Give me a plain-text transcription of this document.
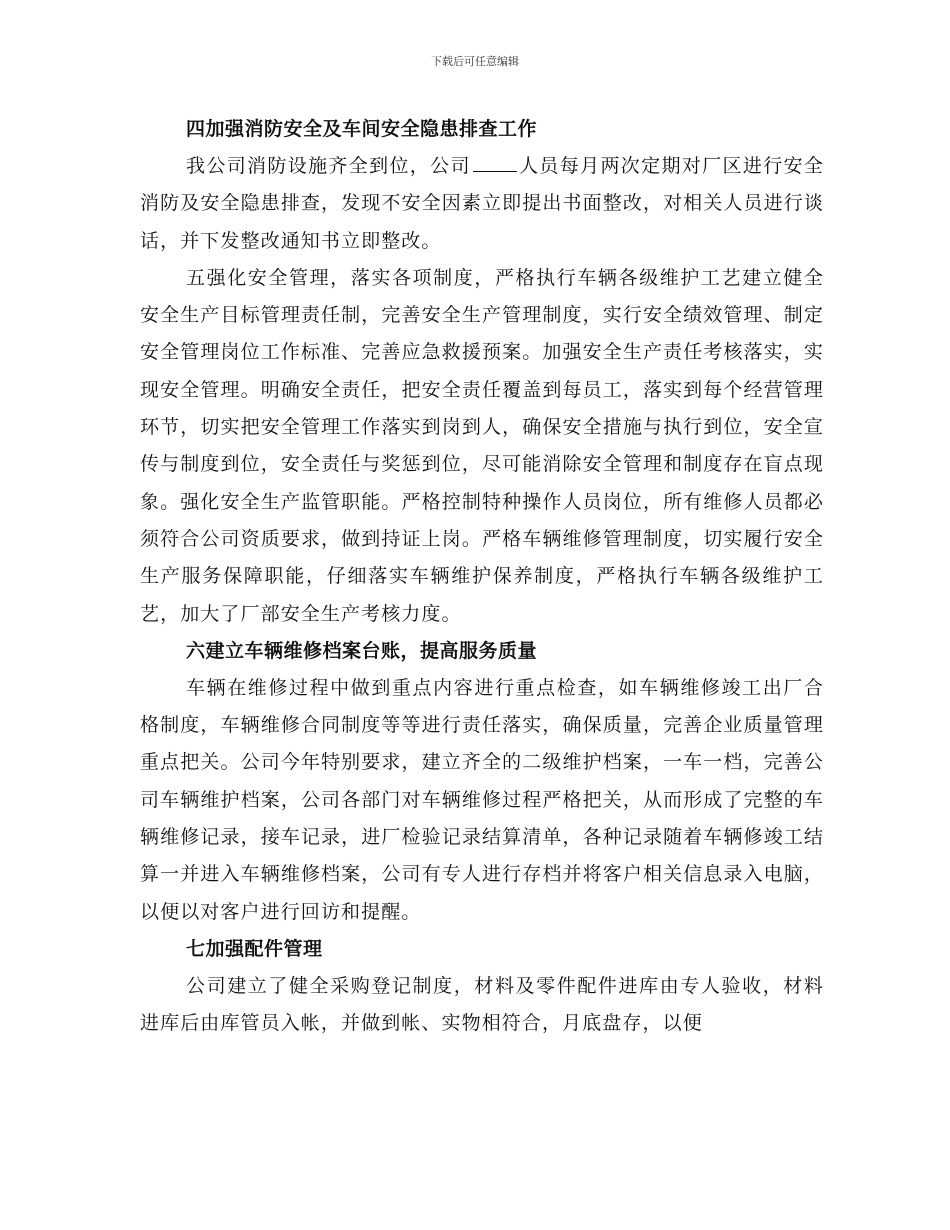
下载后可任意编辑
四加强消防安全及车间安全隐患排查工作

我公司消防设施齐全到位，公司	人员每月两次定期对厂区进行安全消防及安全隐患排查，发现不安全因素立即提出书面整改，对相关人员进行谈话，并下发整改通知书立即整改。

五强化安全管理，落实各项制度，严格执行车辆各级维护工艺建立健全安全生产目标管理责任制，完善安全生产管理制度，实行安全绩效管理、制定安全管理岗位工作标准、完善应急救援预案。加强安全生产责任考核落实，实现安全管理。明确安全责任，把安全责任覆盖到每员工，落实到每个经营管理环节，切实把安全管理工作落实到岗到人，确保安全措施与执行到位，安全宣传与制度到位，安全责任与奖惩到位，尽可能消除安全管理和制度存在盲点现象。强化安全生产监管职能。严格控制特种操作人员岗位，所有维修人员都必须符合公司资质要求，做到持证上岗。严格车辆维修管理制度，切实履行安全生产服务保障职能，仔细落实车辆维护保养制度，严格执行车辆各级维护工艺，加大了厂部安全生产考核力度。

六建立车辆维修档案台账，提高服务质量

车辆在维修过程中做到重点内容进行重点检查，如车辆维修竣工出厂合格制度，车辆维修合同制度等等进行责任落实，确保质量，完善企业质量管理重点把关。公司今年特别要求，建立齐全的二级维护档案，一车一档，完善公司车辆维护档案，公司各部门对车辆维修过程严格把关，从而形成了完整的车辆维修记录，接车记录，进厂检验记录结算清单，各种记录随着车辆修竣工结算一并进入车辆维修档案，公司有专人进行存档并将客户相关信息录入电脑，以便以对客户进行回访和提醒。

七加强配件管理

公司建立了健全采购登记制度，材料及零件配件进库由专人验收，材料进库后由库管员入帐，并做到帐、实物相符合，月底盘存，以便
